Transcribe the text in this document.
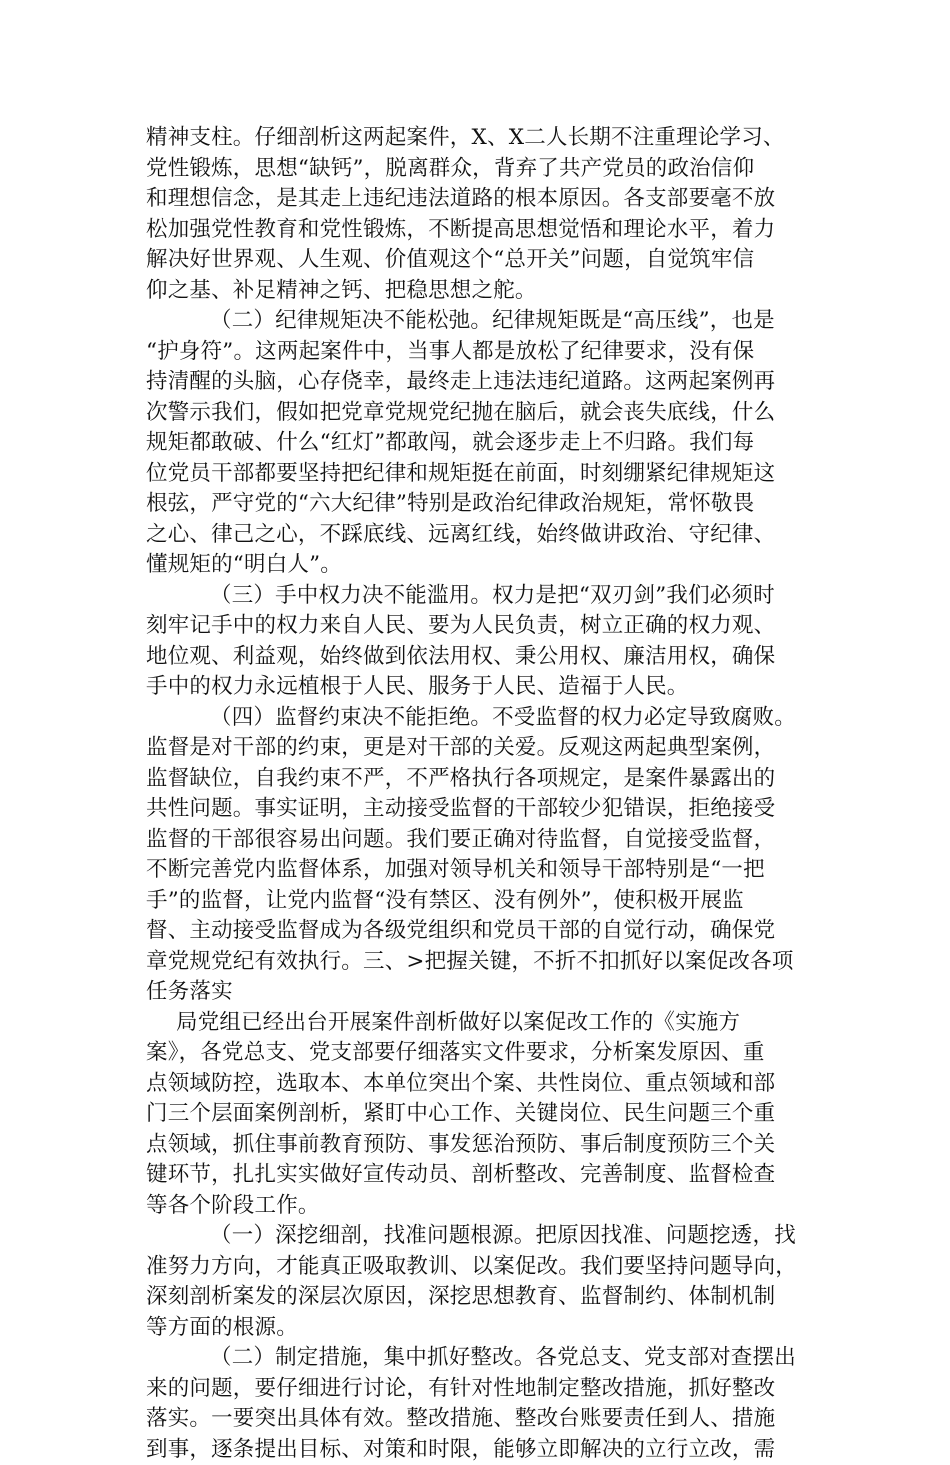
精神支柱。仔细剖析这两起案件，X、X二人长期不注重理论学习、
党性锻炼，思想“缺钙”，脱离群众，背弃了共产党员的政治信仰
和理想信念，是其走上违纪违法道路的根本原因。各支部要毫不放
松加强党性教育和党性锻炼，不断提高思想觉悟和理论水平，着力
解决好世界观、人生观、价值观这个“总开关”问题，自觉筑牢信
仰之基、补足精神之钙、把稳思想之舵。

（二）纪律规矩决不能松弛。纪律规矩既是“高压线”，也是
“护身符”。这两起案件中，当事人都是放松了纪律要求，没有保
持清醒的头脑，心存侥幸，最终走上违法违纪道路。这两起案例再
次警示我们，假如把党章党规党纪抛在脑后，就会丧失底线，什么
规矩都敢破、什么“红灯”都敢闯，就会逐步走上不归路。我们每
位党员干部都要坚持把纪律和规矩挺在前面，时刻绷紧纪律规矩这
根弦，严守党的“六大纪律”特别是政治纪律政治规矩，常怀敬畏
之心、律己之心，不踩底线、远离红线，始终做讲政治、守纪律、
懂规矩的“明白人”。

（三）手中权力决不能滥用。权力是把“双刃剑”我们必须时
刻牢记手中的权力来自人民、要为人民负责，树立正确的权力观、
地位观、利益观，始终做到依法用权、秉公用权、廉洁用权，确保
手中的权力永远植根于人民、服务于人民、造福于人民。

（四）监督约束决不能拒绝。不受监督的权力必定导致腐败。
监督是对干部的约束，更是对干部的关爱。反观这两起典型案例，
监督缺位，自我约束不严，不严格执行各项规定，是案件暴露出的
共性问题。事实证明，主动接受监督的干部较少犯错误，拒绝接受
监督的干部很容易出问题。我们要正确对待监督，自觉接受监督，
不断完善党内监督体系，加强对领导机关和领导干部特别是“一把
手”的监督，让党内监督“没有禁区、没有例外”，使积极开展监
督、主动接受监督成为各级党组织和党员干部的自觉行动，确保党
章党规党纪有效执行。三、>把握关键，不折不扣抓好以案促改各项
任务落实

局党组已经出台开展案件剖析做好以案促改工作的《实施方
案》，各党总支、党支部要仔细落实文件要求，分析案发原因、重
点领域防控，选取本、本单位突出个案、共性岗位、重点领域和部
门三个层面案例剖析，紧盯中心工作、关键岗位、民生问题三个重
点领域，抓住事前教育预防、事发惩治预防、事后制度预防三个关
键环节，扎扎实实做好宣传动员、剖析整改、完善制度、监督检查
等各个阶段工作。

（一）深挖细剖，找准问题根源。把原因找准、问题挖透，找
准努力方向，才能真正吸取教训、以案促改。我们要坚持问题导向，
深刻剖析案发的深层次原因，深挖思想教育、监督制约、体制机制
等方面的根源。

（二）制定措施，集中抓好整改。各党总支、党支部对查摆出
来的问题，要仔细进行讨论，有针对性地制定整改措施，抓好整改
落实。一要突出具体有效。整改措施、整改台账要责任到人、措施
到事，逐条提出目标、对策和时限，能够立即解决的立行立改，需
